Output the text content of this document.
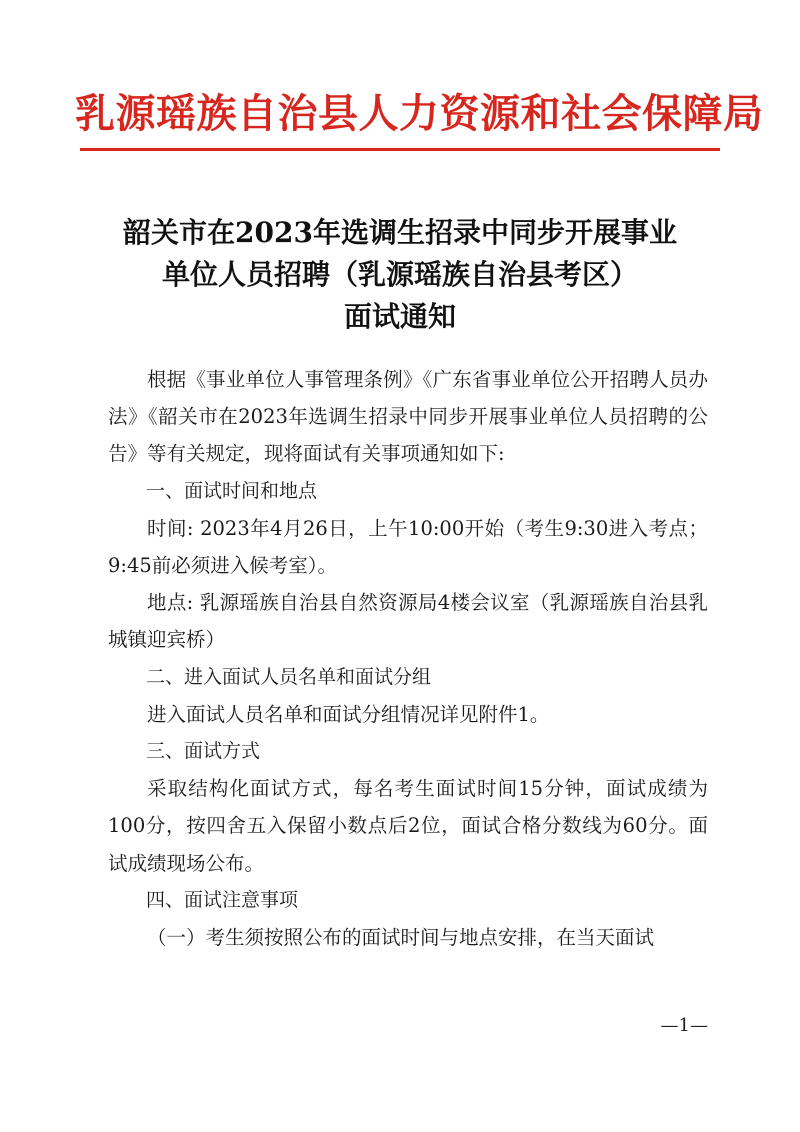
乳源瑶族自治县人力资源和社会保障局
韶关市在2023年选调生招录中同步开展事业
单位人员招聘（乳源瑶族自治县考区）
面试通知

根据《事业单位人事管理条例》《广东省事业单位公开招聘人员办法》《韶关市在2023年选调生招录中同步开展事业单位人员招聘的公告》等有关规定，现将面试有关事项通知如下:

一、面试时间和地点

时间: 2023年4月26日，上午10:00开始（考生9:30进入考点；9:45前必须进入候考室）。

地点: 乳源瑶族自治县自然资源局4楼会议室（乳源瑶族自治县乳城镇迎宾桥）

二、进入面试人员名单和面试分组

进入面试人员名单和面试分组情况详见附件1。

三、面试方式

采取结构化面试方式，每名考生面试时间15分钟，面试成绩为100分，按四舍五入保留小数点后2位，面试合格分数线为60分。面试成绩现场公布。

四、面试注意事项

（一）考生须按照公布的面试时间与地点安排，在当天面试

—1—
